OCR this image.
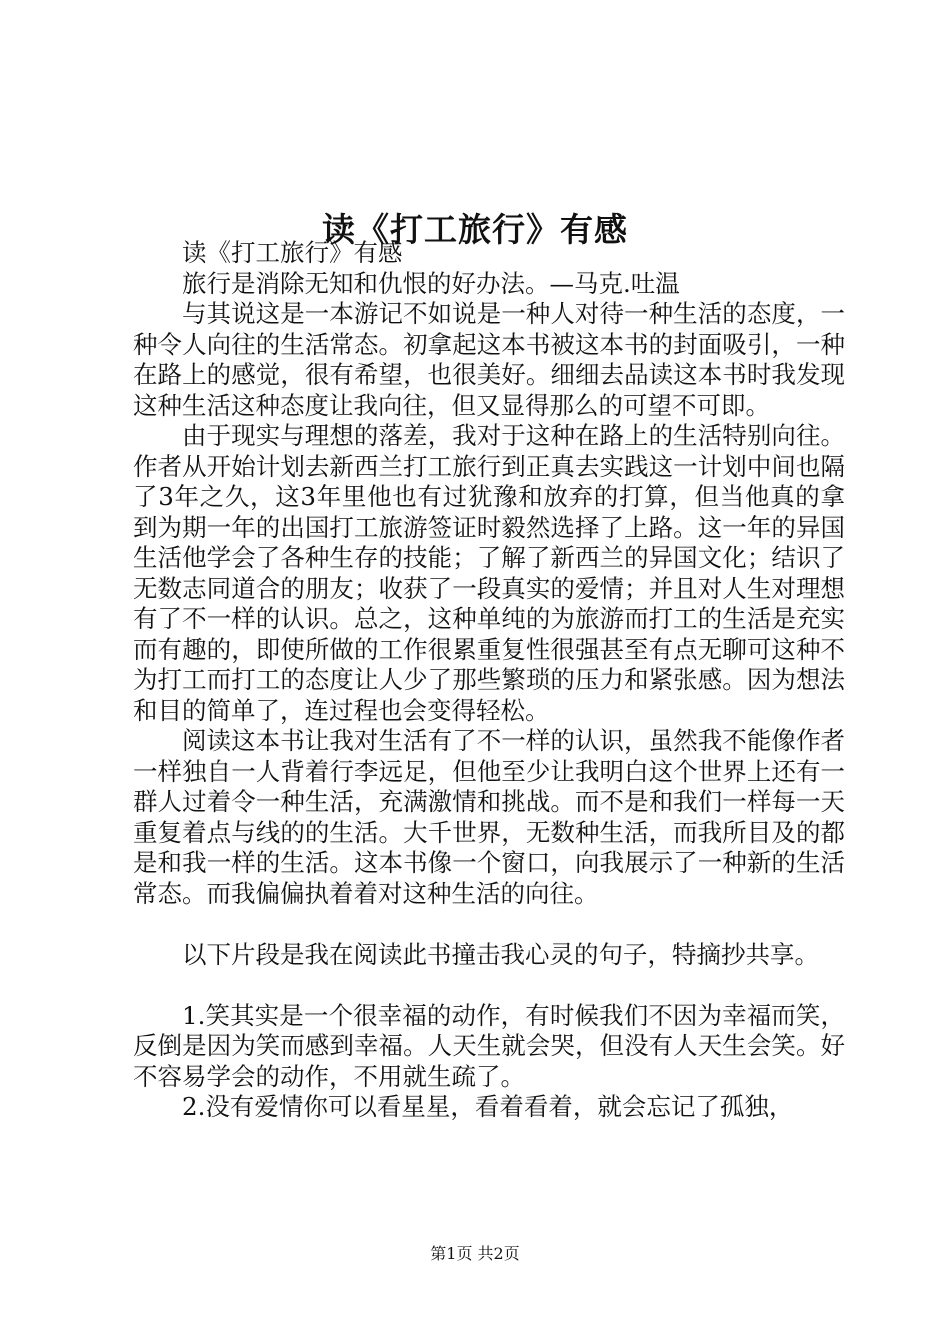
读《打工旅行》有感

读《打工旅行》有感

旅行是消除无知和仇恨的好办法。—马克.吐温

与其说这是一本游记不如说是一种人对待一种生活的态度，一种令人向往的生活常态。初拿起这本书被这本书的封面吸引，一种在路上的感觉，很有希望，也很美好。细细去品读这本书时我发现这种生活这种态度让我向往，但又显得那么的可望不可即。

由于现实与理想的落差，我对于这种在路上的生活特别向往。作者从开始计划去新西兰打工旅行到正真去实践这一计划中间也隔了3年之久，这3年里他也有过犹豫和放弃的打算，但当他真的拿到为期一年的出国打工旅游签证时毅然选择了上路。这一年的异国生活他学会了各种生存的技能；了解了新西兰的异国文化；结识了无数志同道合的朋友；收获了一段真实的爱情；并且对人生对理想有了不一样的认识。总之，这种单纯的为旅游而打工的生活是充实而有趣的，即使所做的工作很累重复性很强甚至有点无聊可这种不为打工而打工的态度让人少了那些繁琐的压力和紧张感。因为想法和目的简单了，连过程也会变得轻松。

阅读这本书让我对生活有了不一样的认识，虽然我不能像作者一样独自一人背着行李远足，但他至少让我明白这个世界上还有一群人过着令一种生活，充满激情和挑战。而不是和我们一样每一天重复着点与线的的生活。大千世界，无数种生活，而我所目及的都是和我一样的生活。这本书像一个窗口，向我展示了一种新的生活常态。而我偏偏执着着对这种生活的向往。

以下片段是我在阅读此书撞击我心灵的句子，特摘抄共享。

1.笑其实是一个很幸福的动作，有时候我们不因为幸福而笑，反倒是因为笑而感到幸福。人天生就会哭，但没有人天生会笑。好不容易学会的动作，不用就生疏了。

2.没有爱情你可以看星星，看着看着，就会忘记了孤独，

第1页 共2页
